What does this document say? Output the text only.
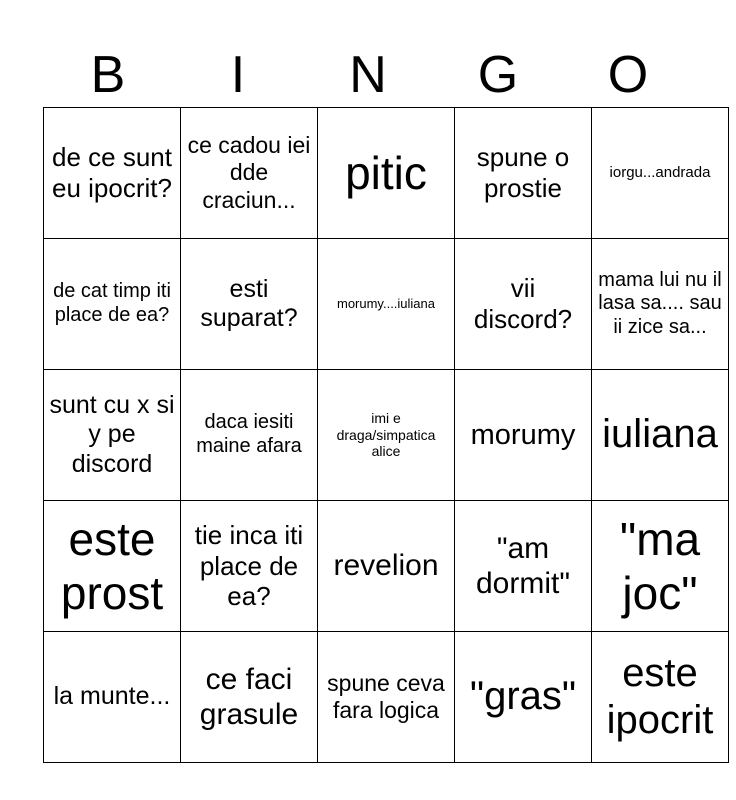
B	I	N	G	O
de ce sunt eu ipocrit?	ce cadou iei dde craciun...	pitic	spune o prostie	iorgu...andrada
de cat timp iti place de ea?	esti suparat?	morumy....iuliana	vii discord?	mama lui nu il lasa sa.... sau ii zice sa...
sunt cu x si y pe discord	daca iesiti maine afara	imi e draga/simpatica alice	morumy	iuliana
este prost	tie inca iti place de ea?	revelion	"am dormit"	"ma joc"
la munte...	ce faci grasule	spune ceva fara logica	"gras"	este ipocrit
